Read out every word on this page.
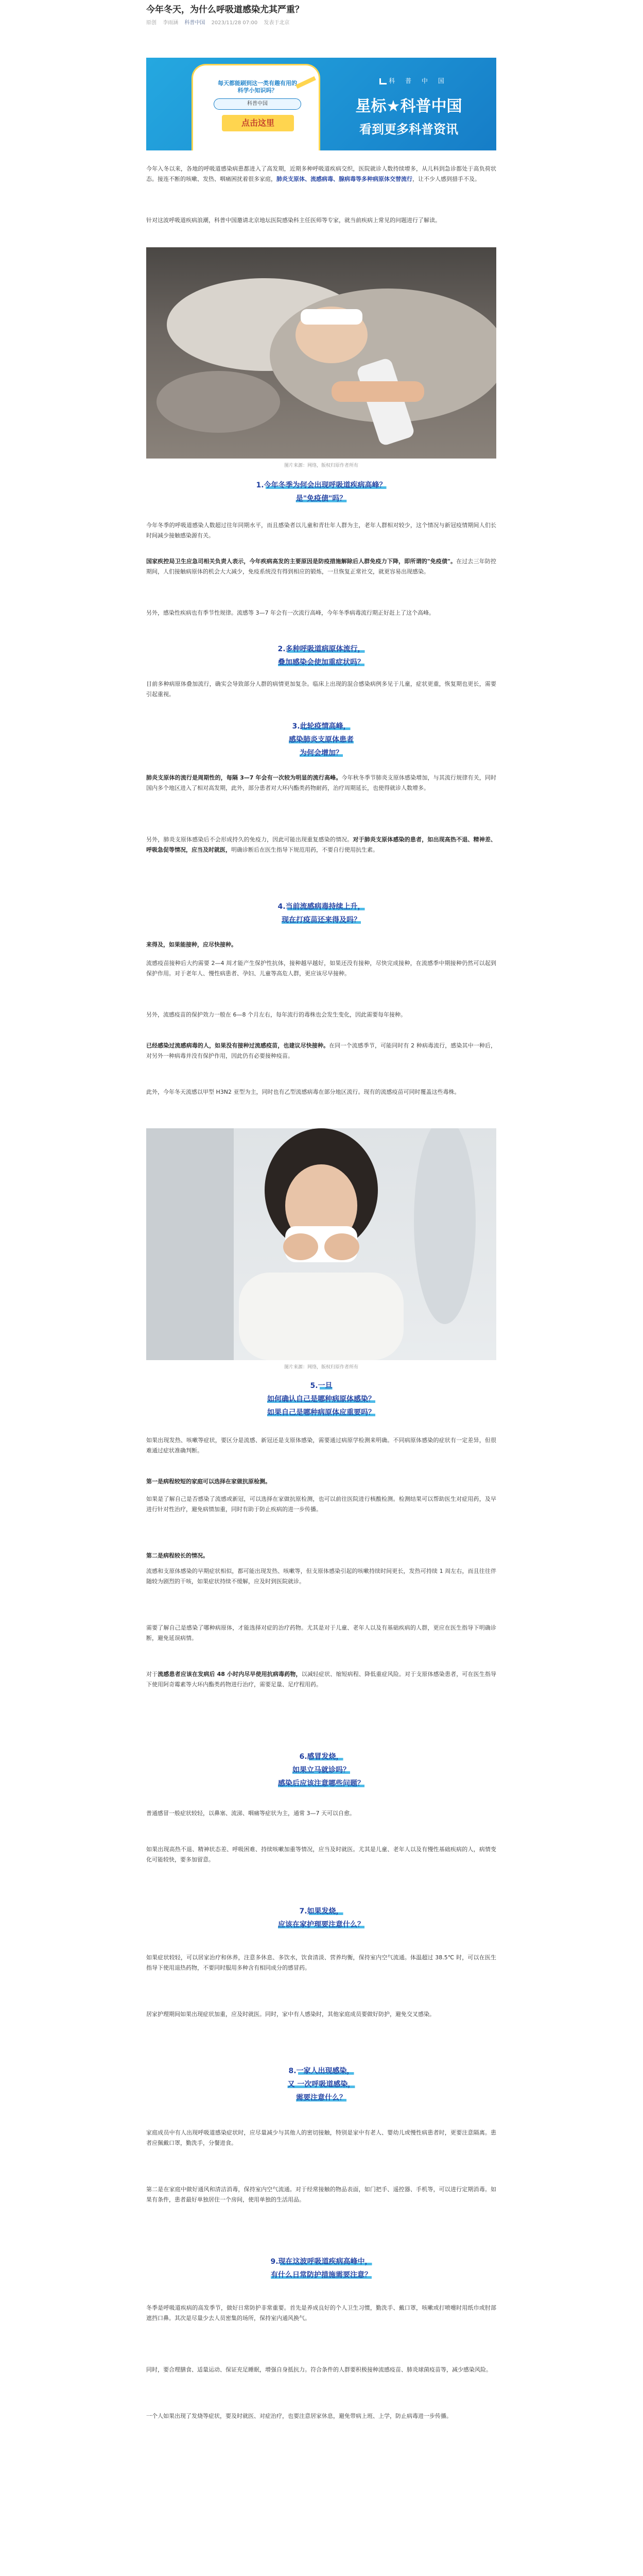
今年冬天，为什么呼吸道感染尤其严重？
原创 李雨涵 科普中国 2023/11/28 07:00 发表于北京
每天都能刷到这一类有趣有用的
科学小知识吗？
科普中国
点击这里
科 普 中 国
星标★科普中国
看到更多科普资讯

今年入冬以来，各地的呼吸道感染病患都进入了高发期，近期多种呼吸道疾病交织，医院就诊人数持续增多，从儿科到急诊都处于高负荷状态。接连不断的咳嗽、发热、咽痛困扰着很多家庭，肺炎支原体、流感病毒、腺病毒等多种病原体交替流行，让不少人感到措手不及。

针对这波呼吸道疾病浪潮，科普中国邀请北京地坛医院感染科主任医师等专家，就当前疾病上常见的问题进行了解读。

图片来源：网络，版权归原作者所有
1.今年冬季为何会出现呼吸道疾病高峰？
是"免疫债"吗？

今年冬季的呼吸道感染人数超过往年同期水平，而且感染者以儿童和青壮年人群为主，老年人群相对较少，这个情况与新冠疫情期间人们长时间减少接触感染源有关。

国家疾控局卫生应急司相关负责人表示，今年疾病高发的主要原因是防疫措施解除后人群免疫力下降，即所谓的"免疫债"。在过去三年防控期间，人们接触病原体的机会大大减少，免疫系统没有得到相应的锻炼，一旦恢复正常社交，就更容易出现感染。

另外，感染性疾病也有季节性规律。流感等 3—7 年会有一次流行高峰，今年冬季病毒流行期正好赶上了这个高峰。

2.多种呼吸道病原体流行，
叠加感染会使加重症状吗？

目前多种病原体叠加流行，确实会导致部分人群的病情更加复杂。临床上出现的混合感染病例多见于儿童，症状更重，恢复期也更长，需要引起重视。

3.此轮疫情高峰，
感染肺炎支原体患者
为何会增加？

肺炎支原体的流行是周期性的，每隔 3—7 年会有一次较为明显的流行高峰。今年秋冬季节肺炎支原体感染增加，与其流行规律有关，同时国内多个地区进入了相对高发期，此外，部分患者对大环内酯类药物耐药，治疗周期延长，也使得就诊人数增多。

另外，肺炎支原体感染后不会形成持久的免疫力，因此可能出现重复感染的情况。对于肺炎支原体感染的患者，如出现高热不退、精神差、呼吸急促等情况，应当及时就医，明确诊断后在医生指导下规范用药，不要自行使用抗生素。

4.当前流感病毒持续上升，
现在打疫苗还来得及吗？

来得及，如果能接种，应尽快接种。

流感疫苗接种后大约需要 2—4 周才能产生保护性抗体，接种越早越好，如果还没有接种，尽快完成接种，在流感季中期接种仍然可以起到保护作用。对于老年人、慢性病患者、孕妇、儿童等高危人群，更应该尽早接种。

另外，流感疫苗的保护效力一般在 6—8 个月左右，每年流行的毒株也会发生变化，因此需要每年接种。

已经感染过流感病毒的人，如果没有接种过流感疫苗，也建议尽快接种。在同一个流感季节，可能同时有 2 种病毒流行，感染其中一种后，对另外一种病毒并没有保护作用，因此仍有必要接种疫苗。

此外，今年冬天流感以甲型 H3N2 亚型为主，同时也有乙型流感病毒在部分地区流行。现有的流感疫苗可同时覆盖这些毒株。

图片来源：网络，版权归原作者所有
5.一旦
如何确认自己是哪种病原体感染？
如果自己是哪种病原体应重要吗？

如果出现发热、咳嗽等症状，要区分是流感、新冠还是支原体感染，需要通过病原学检测来明确。不同病原体感染的症状有一定差异，但很难通过症状准确判断。

第一是病程较短的家庭可以选择在家做抗原检测。

如果是了解自己是否感染了流感或新冠，可以选择在家做抗原检测，也可以前往医院进行核酸检测。检测结果可以帮助医生对症用药，及早进行针对性治疗，避免病情加重，同时有助于防止疾病的进一步传播。

第二是病程较长的情况。

流感和支原体感染的早期症状相似，都可能出现发热、咳嗽等，但支原体感染引起的咳嗽持续时间更长，发热可持续 1 周左右，而且往往伴随较为剧烈的干咳，如果症状持续不缓解，应及时到医院就诊。

需要了解自己是感染了哪种病原体，才能选择对症的治疗药物。尤其是对于儿童、老年人以及有基础疾病的人群，更应在医生指导下明确诊断，避免延误病情。

对于流感患者应该在发病后 48 小时内尽早使用抗病毒药物，以减轻症状、缩短病程、降低重症风险。对于支原体感染患者，可在医生指导下使用阿奇霉素等大环内酯类药物进行治疗，需要足量、足疗程用药。

6.感冒发烧，
如果立马就诊吗？
感染后应该注意哪些问题？

普通感冒一般症状较轻，以鼻塞、流涕、咽痛等症状为主，通常 3—7 天可以自愈。

如果出现高热不退、精神状态差、呼吸困难、持续咳嗽加重等情况，应当及时就医。尤其是儿童、老年人以及有慢性基础疾病的人，病情变化可能较快，要多加留意。

7.如果发烧，
应该在家护理要注意什么？

如果症状较轻，可以居家治疗和休养，注意多休息、多饮水，饮食清淡、营养均衡，保持室内空气流通。体温超过 38.5℃ 时，可以在医生指导下使用退热药物，不要同时服用多种含有相同成分的感冒药。

居家护理期间如果出现症状加重，应及时就医。同时，家中有人感染时，其他家庭成员要做好防护，避免交叉感染。

8.一家人出现感染，
又 一次呼吸道感染，
需要注意什么？

家庭成员中有人出现呼吸道感染症状时，应尽量减少与其他人的密切接触，特别是家中有老人、婴幼儿或慢性病患者时，更要注意隔离。患者应佩戴口罩，勤洗手，分餐进食。

第二是在家庭中做好通风和清洁消毒，保持室内空气流通。对于经常接触的物品表面，如门把手、遥控器、手机等，可以进行定期消毒。如果有条件，患者最好单独居住一个房间，使用单独的生活用品。

9.现在这波呼吸道疾病高峰中，
有什么日常防护措施需要注意？

冬季是呼吸道疾病的高发季节，做好日常防护非常重要。首先是养成良好的个人卫生习惯，勤洗手、戴口罩，咳嗽或打喷嚏时用纸巾或肘部遮挡口鼻。其次是尽量少去人员密集的场所，保持室内通风换气。

同时，要合理膳食、适量运动、保证充足睡眠，增强自身抵抗力。符合条件的人群要积极接种流感疫苗、肺炎球菌疫苗等，减少感染风险。

一个人如果出现了发烧等症状，要及时就医、对症治疗，也要注意居家休息，避免带病上班、上学，防止病毒进一步传播。
